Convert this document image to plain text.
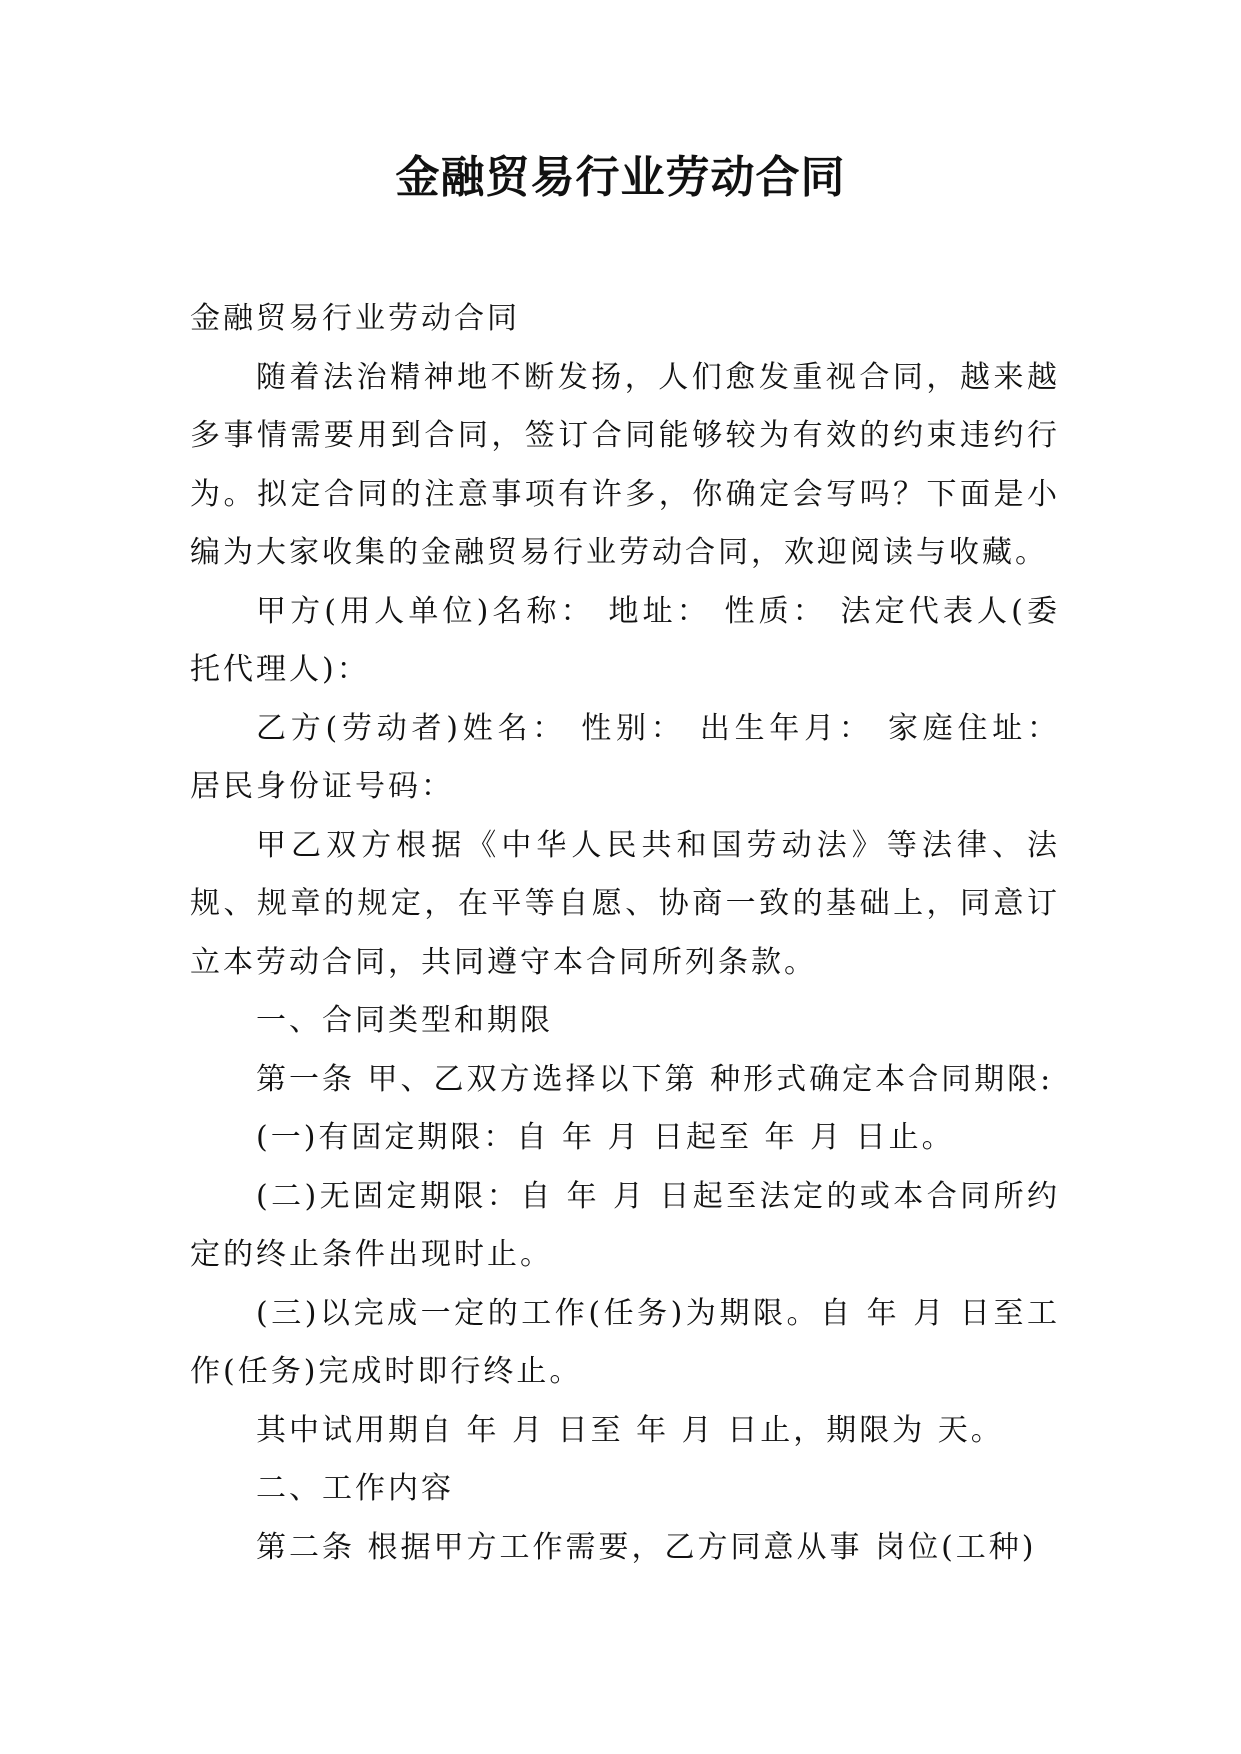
金融贸易行业劳动合同

金融贸易行业劳动合同

随着法治精神地不断发扬，人们愈发重视合同，越来越多事情需要用到合同，签订合同能够较为有效的约束违约行为。拟定合同的注意事项有许多，你确定会写吗？下面是小编为大家收集的金融贸易行业劳动合同，欢迎阅读与收藏。

甲方(用人单位)名称： 地址： 性质： 法定代表人(委托代理人)：

乙方(劳动者)姓名： 性别： 出生年月： 家庭住址： 居民身份证号码：

甲乙双方根据《中华人民共和国劳动法》等法律、法规、规章的规定，在平等自愿、协商一致的基础上，同意订立本劳动合同，共同遵守本合同所列条款。

一、合同类型和期限

第一条 甲、乙双方选择以下第 种形式确定本合同期限:

(一)有固定期限：自 年 月 日起至 年 月 日止。

(二)无固定期限：自 年 月 日起至法定的或本合同所约定的终止条件出现时止。

(三)以完成一定的工作(任务)为期限。自 年 月 日至工作(任务)完成时即行终止。

其中试用期自 年 月 日至 年 月 日止，期限为 天。

二、工作内容

第二条 根据甲方工作需要，乙方同意从事 岗位(工种)
